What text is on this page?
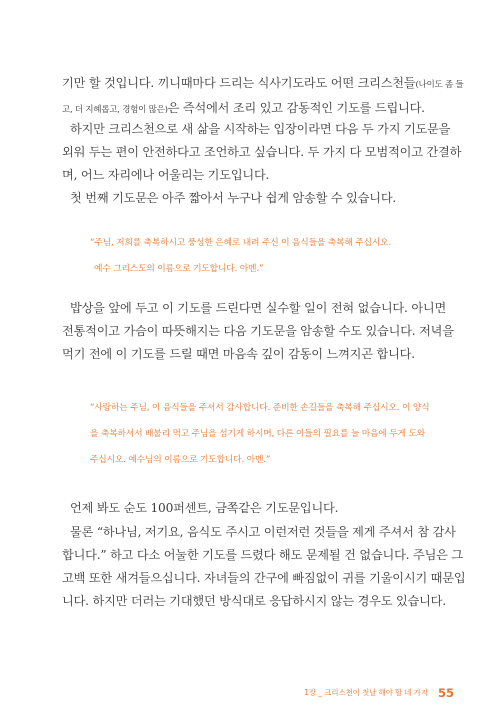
기만 할 것입니다. 끼니때마다 드리는 식사기도라도 어떤 크리스천들(나이도 좀 들
고, 더 지혜롭고, 경험이 많은)은 즉석에서 조리 있고 감동적인 기도를 드립니다.

하지만 크리스천으로 새 삶을 시작하는 입장이라면 다음 두 가지 기도문을
외워 두는 편이 안전하다고 조언하고 싶습니다. 두 가지 다 모범적이고 간결하
며, 어느 자리에나 어울리는 기도입니다.

첫 번째 기도문은 아주 짧아서 누구나 쉽게 암송할 수 있습니다.

“주님, 저희를 축복하시고 풍성한 은혜로 내려 주신 이 음식들을 축복해 주십시오.
예수 그리스도의 이름으로 기도합니다. 아멘.”

밥상을 앞에 두고 이 기도를 드린다면 실수할 일이 전혀 없습니다. 아니면
전통적이고 가슴이 따뜻해지는 다음 기도문을 암송할 수도 있습니다. 저녁을
먹기 전에 이 기도를 드릴 때면 마음속 깊이 감동이 느껴지곤 합니다.

“사랑하는 주님, 이 음식들을 주셔서 감사합니다. 준비한 손길들을 축복해 주십시오. 이 양식
을 축복하셔서 배불리 먹고 주님을 섬기게 하시며, 다른 이들의 필요를 늘 마음에 두게 도와
주십시오. 예수님의 이름으로 기도합니다. 아멘.”

언제 봐도 순도 100퍼센트, 금쪽같은 기도문입니다.

물론 “하나님, 저기요, 음식도 주시고 이런저런 것들을 제게 주셔서 참 감사
합니다.” 하고 다소 어눌한 기도를 드렸다 해도 문제될 건 없습니다. 주님은 그
고백 또한 새겨들으십니다. 자녀들의 간구에 빠짐없이 귀를 기울이시기 때문입
니다. 하지만 더러는 기대했던 방식대로 응답하시지 않는 경우도 있습니다.

1장 _ 크리스천이 첫날 해야 할 네 가지 55
